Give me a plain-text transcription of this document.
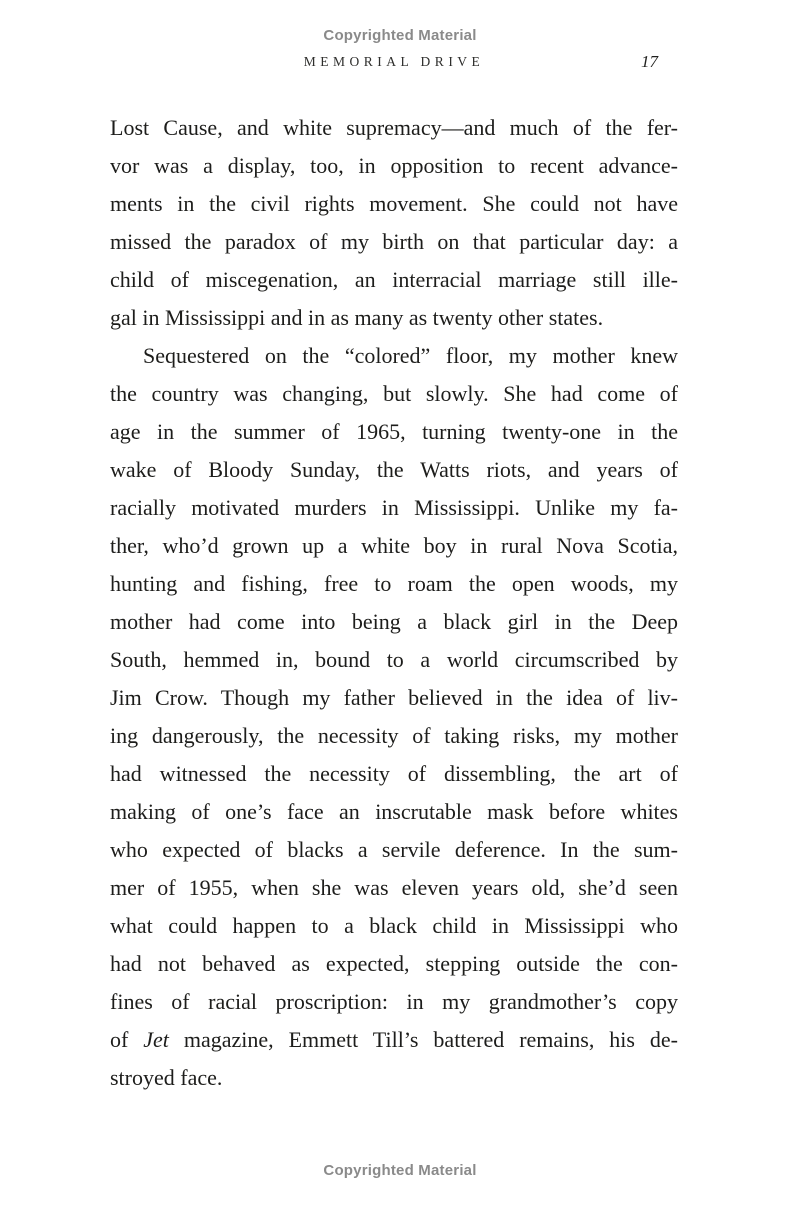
Copyrighted Material
MEMORIAL DRIVE	17
Lost Cause, and white supremacy—and much of the fer-
vor was a display, too, in opposition to recent advance-
ments in the civil rights movement. She could not have
missed the paradox of my birth on that particular day: a
child of miscegenation, an interracial marriage still ille-
gal in Mississippi and in as many as twenty other states.
Sequestered on the “colored” floor, my mother knew
the country was changing, but slowly. She had come of
age in the summer of 1965, turning twenty-one in the
wake of Bloody Sunday, the Watts riots, and years of
racially motivated murders in Mississippi. Unlike my fa-
ther, who’d grown up a white boy in rural Nova Scotia,
hunting and fishing, free to roam the open woods, my
mother had come into being a black girl in the Deep
South, hemmed in, bound to a world circumscribed by
Jim Crow. Though my father believed in the idea of liv-
ing dangerously, the necessity of taking risks, my mother
had witnessed the necessity of dissembling, the art of
making of one’s face an inscrutable mask before whites
who expected of blacks a servile deference. In the sum-
mer of 1955, when she was eleven years old, she’d seen
what could happen to a black child in Mississippi who
had not behaved as expected, stepping outside the con-
fines of racial proscription: in my grandmother’s copy
of Jet magazine, Emmett Till’s battered remains, his de-
stroyed face.
Copyrighted Material
